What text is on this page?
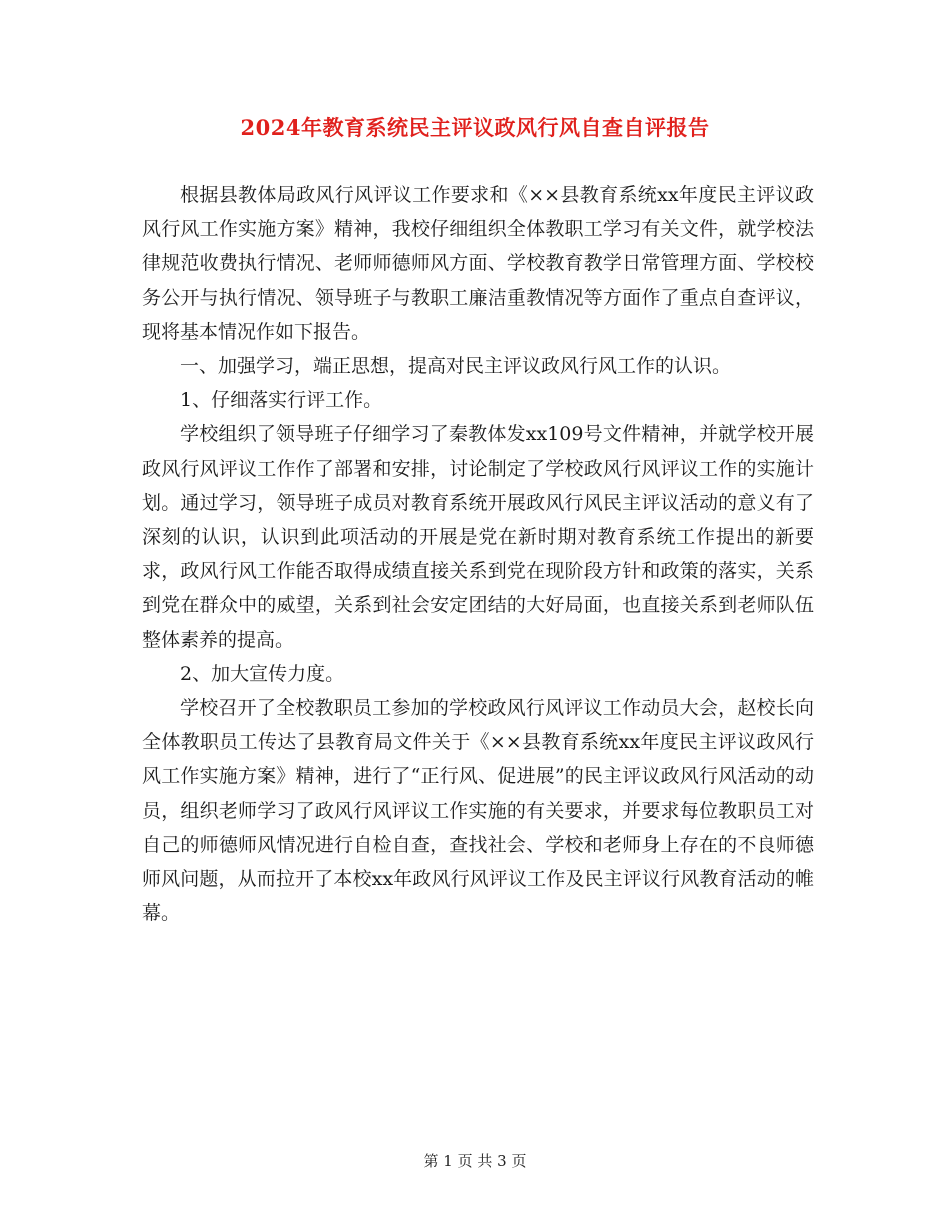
2024年教育系统民主评议政风行风自查自评报告

根据县教体局政风行风评议工作要求和《××县教育系统xx年度民主评议政风行风工作实施方案》精神，我校仔细组织全体教职工学习有关文件，就学校法律规范收费执行情况、老师师德师风方面、学校教育教学日常管理方面、学校校务公开与执行情况、领导班子与教职工廉洁重教情况等方面作了重点自查评议，现将基本情况作如下报告。

一、加强学习，端正思想，提高对民主评议政风行风工作的认识。

1、仔细落实行评工作。

学校组织了领导班子仔细学习了秦教体发xx109号文件精神，并就学校开展政风行风评议工作作了部署和安排，讨论制定了学校政风行风评议工作的实施计划。通过学习，领导班子成员对教育系统开展政风行风民主评议活动的意义有了深刻的认识，认识到此项活动的开展是党在新时期对教育系统工作提出的新要求，政风行风工作能否取得成绩直接关系到党在现阶段方针和政策的落实，关系到党在群众中的威望，关系到社会安定团结的大好局面，也直接关系到老师队伍整体素养的提高。

2、加大宣传力度。

学校召开了全校教职员工参加的学校政风行风评议工作动员大会，赵校长向全体教职员工传达了县教育局文件关于《××县教育系统xx年度民主评议政风行风工作实施方案》精神，进行了“正行风、促进展”的民主评议政风行风活动的动员，组织老师学习了政风行风评议工作实施的有关要求，并要求每位教职员工对自己的师德师风情况进行自检自查，查找社会、学校和老师身上存在的不良师德师风问题，从而拉开了本校xx年政风行风评议工作及民主评议行风教育活动的帷幕。

第 1 页 共 3 页
